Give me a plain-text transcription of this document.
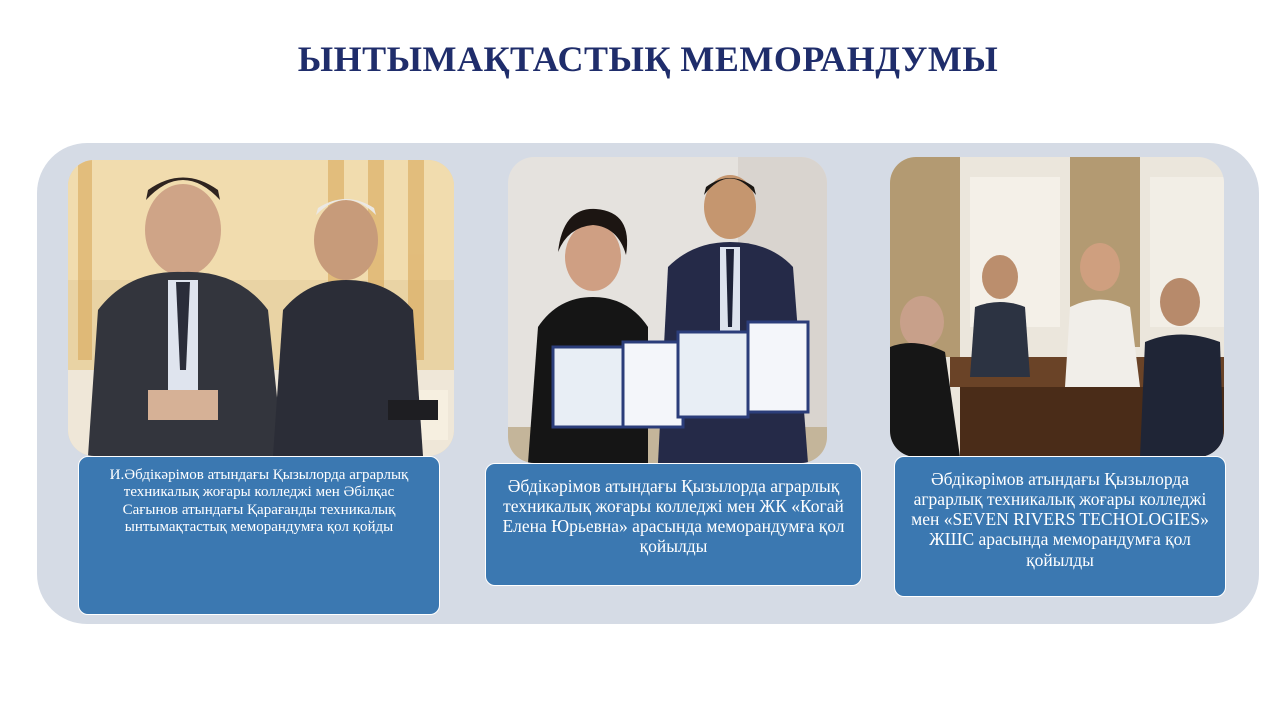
ЫНТЫМАҚТАСТЫҚ МЕМОРАНДУМЫ
И.Әбдікәрімов атындағы Қызылорда аграрлық техникалық жоғары колледжі мен Әбілқас Сағынов атындағы Қарағанды техникалық ынтымақтастық меморандумға қол қойды
Әбдікәрімов атындағы Қызылорда аграрлық техникалық жоғары колледжі мен ЖК «Когай Елена Юрьевна» арасында меморандумға қол қойылды
Әбдікәрімов атындағы Қызылорда аграрлық техникалық жоғары колледжі мен «SEVEN RIVERS TECHOLOGIES» ЖШС арасында меморандумға қол қойылды
